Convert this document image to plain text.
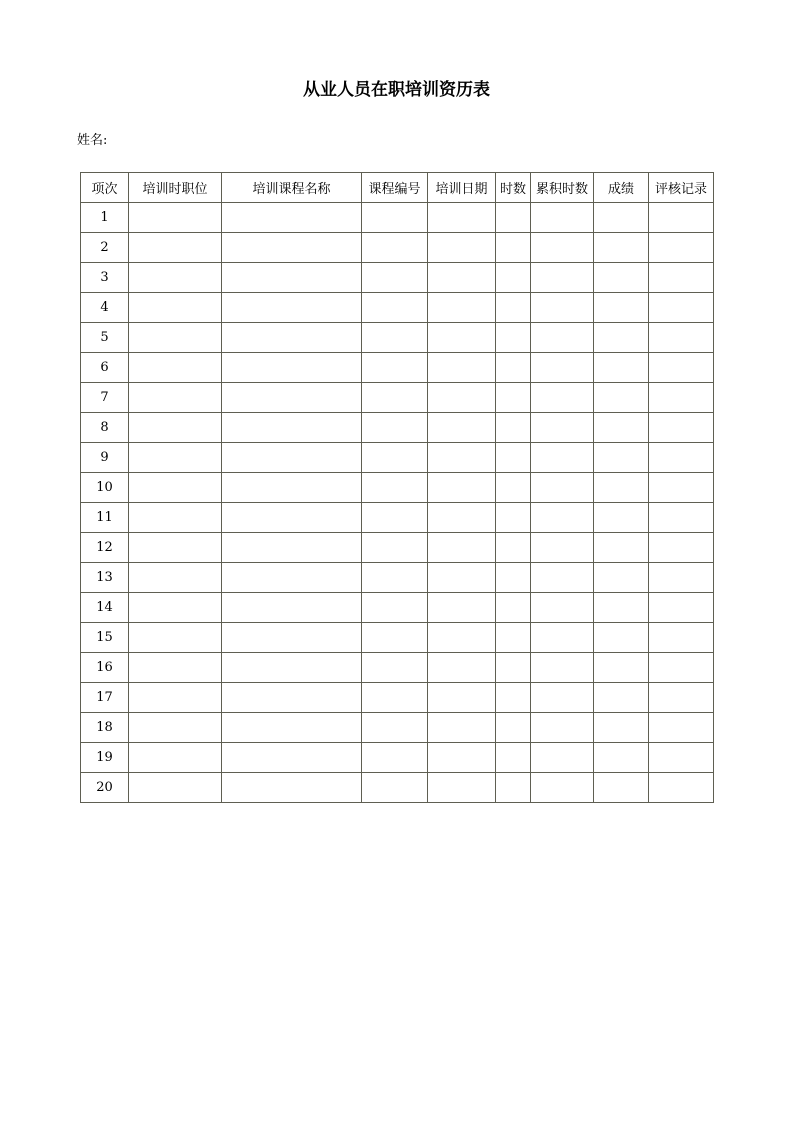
从业人员在职培训资历表
姓名:
项次	培训时职位	培训课程名称	课程编号	培训日期	时数	累积时数	成绩	评核记录
1								
2								
3								
4								
5								
6								
7								
8								
9								
10								
11								
12								
13								
14								
15								
16								
17								
18								
19								
20								
